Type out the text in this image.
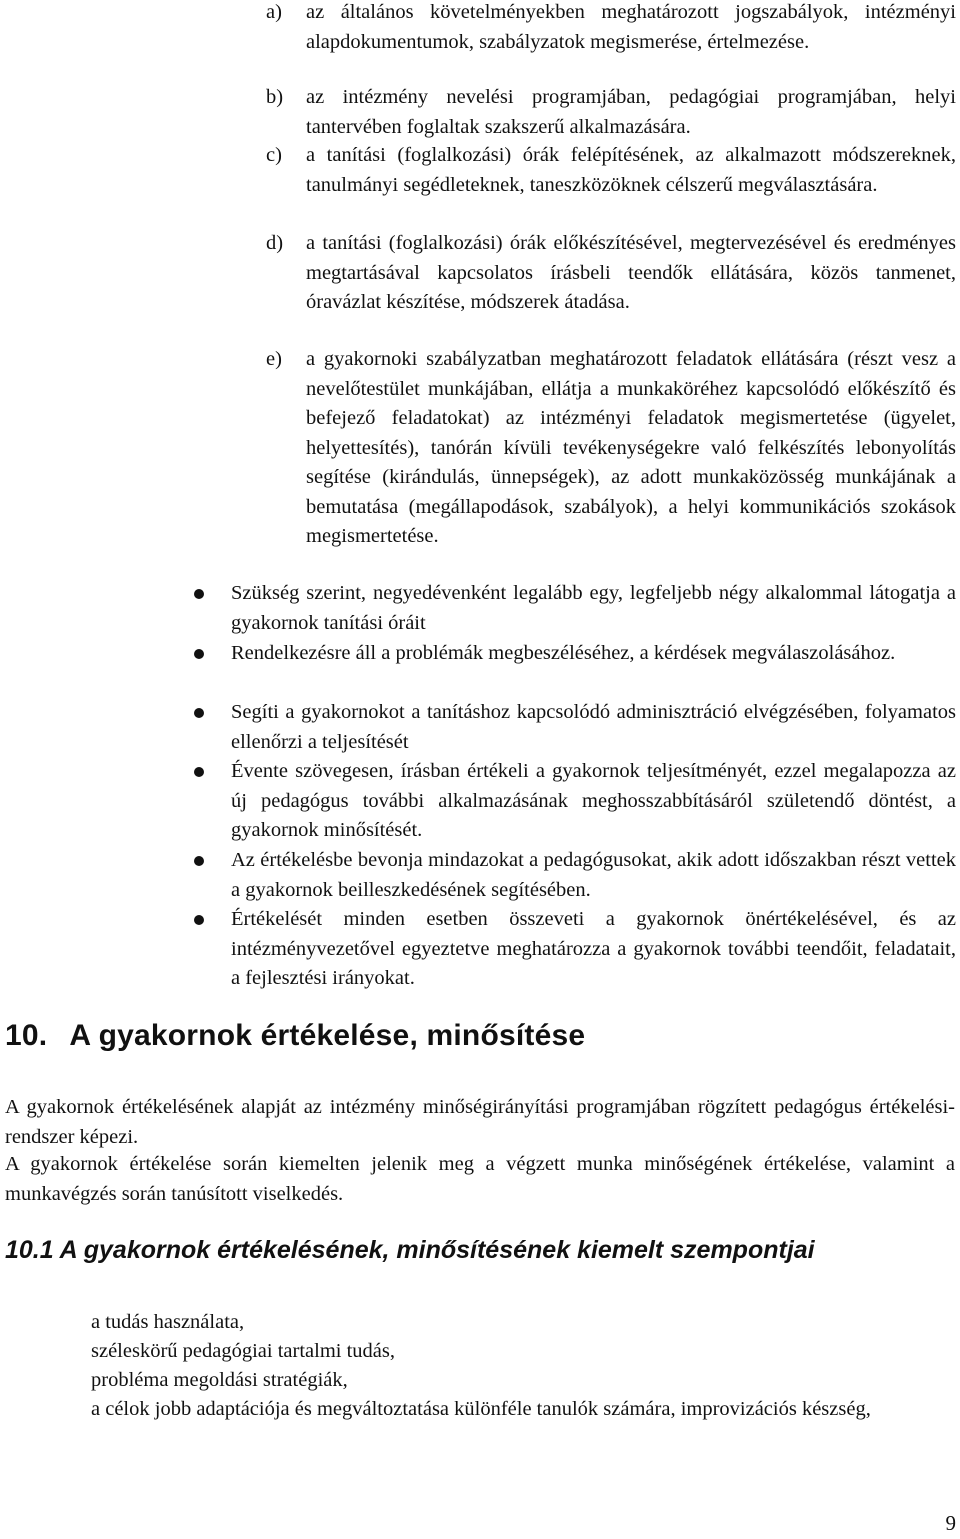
a) az általános követelményekben meghatározott jogszabályok, intézményi alapdokumentumok, szabályzatok megismerése, értelmezése.
b) az intézmény nevelési programjában, pedagógiai programjában, helyi tantervében foglaltak szakszerű alkalmazására.
c) a tanítási (foglalkozási) órák felépítésének, az alkalmazott módszereknek, tanulmányi segédleteknek, taneszközöknek célszerű megválasztására.
d) a tanítási (foglalkozási) órák előkészítésével, megtervezésével és eredményes megtartásával kapcsolatos írásbeli teendők ellátására, közös tanmenet, óravázlat készítése, módszerek átadása.
e) a gyakornoki szabályzatban meghatározott feladatok ellátására (részt vesz a nevelőtestület munkájában, ellátja a munkaköréhez kapcsolódó előkészítő és befejező feladatokat) az intézményi feladatok megismertetése (ügyelet, helyettesítés), tanórán kívüli tevékenységekre való felkészítés lebonyolítás segítése (kirándulás, ünnepségek), az adott munkaközösség munkájának a bemutatása (megállapodások, szabályok), a helyi kommunikációs szokások megismertetése.
Szükség szerint, negyedévenként legalább egy, legfeljebb négy alkalommal látogatja a gyakornok tanítási óráit
Rendelkezésre áll a problémák megbeszéléséhez, a kérdések megválaszolásához.
Segíti a gyakornokot a tanításhoz kapcsolódó adminisztráció elvégzésében, folyamatos ellenőrzi a teljesítését
Évente szövegesen, írásban értékeli a gyakornok teljesítményét, ezzel megalapozza az új pedagógus további alkalmazásának meghosszabbításáról születendő döntést, a gyakornok minősítését.
Az értékelésbe bevonja mindazokat a pedagógusokat, akik adott időszakban részt vettek a gyakornok beilleszkedésének segítésében.
Értékelését minden esetben összeveti a gyakornok önértékelésével, és az intézményvezetővel egyeztetve meghatározza a gyakornok további teendőit, feladatait, a fejlesztési irányokat.
10. A gyakornok értékelése, minősítése
A gyakornok értékelésének alapját az intézmény minőségirányítási programjában rögzített pedagógus értékelési-rendszer képezi.
A gyakornok értékelése során kiemelten jelenik meg a végzett munka minőségének értékelése, valamint a munkavégzés során tanúsított viselkedés.
10.1 A gyakornok értékelésének, minősítésének kiemelt szempontjai
a tudás használata,
széleskörű pedagógiai tartalmi tudás,
probléma megoldási stratégiák,
a célok jobb adaptációja és megváltoztatása különféle tanulók számára, improvizációs készség,
9
